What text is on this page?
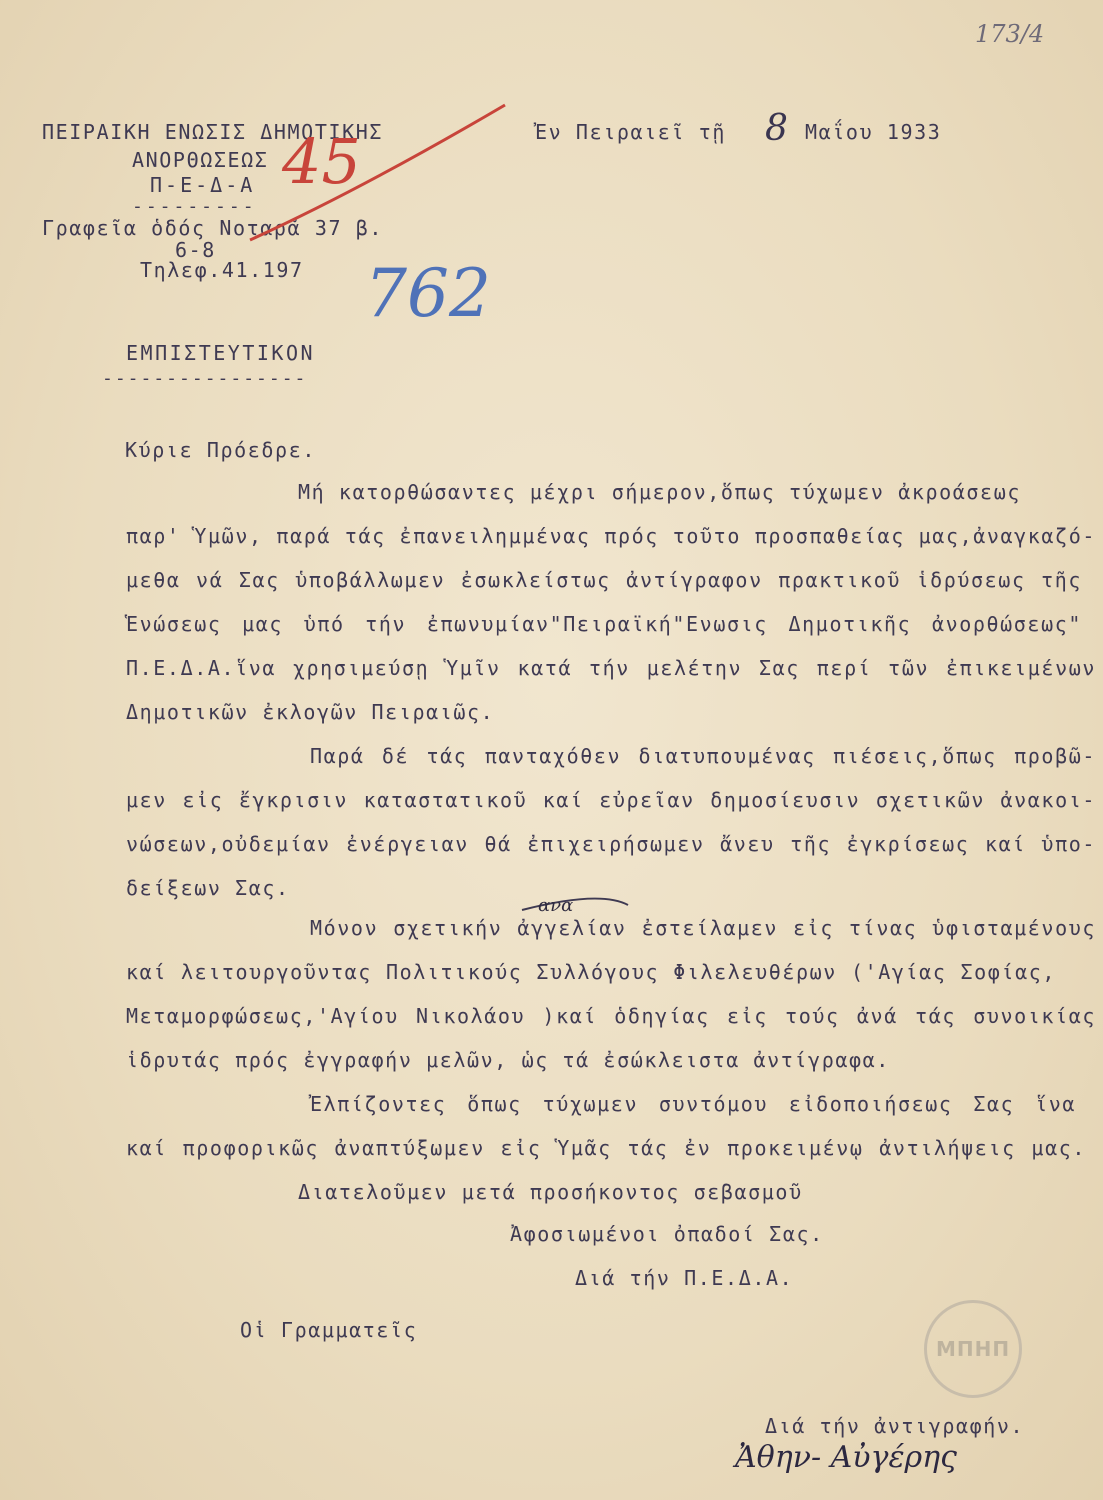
173/4
ΠΕΙΡΑΙΚΗ ΕΝΩΣΙΣ ΔΗΜΟΤΙΚΗΣ
ΑΝΟΡΘΩΣΕΩΣ
Π-Ε-Δ-Α
---------
Γραφεῖα ὁδός Νοταρᾶ 37 β.
6-8
Τηλεφ.41.197
45
762
Ἐν Πειραιεῖ τῇ 8 Μαΐου 1933
ΕΜΠΙΣΤΕΥΤΙΚΟΝ
----------------
Κύριε Πρόεδρε.
Μή κατορθώσαντες μέχρι σήμερον,ὅπως τύχωμεν ἀκροάσεως
παρ' Ὑμῶν, παρά τάς ἐπανειλημμένας πρός τοῦτο προσπαθείας μας,ἀναγκαζό-
μεθα νά Σας ὑποβάλλωμεν ἐσωκλείστως ἀντίγραφον πρακτικοῦ ἱδρύσεως τῆς
Ἑνώσεως μας ὑπό τήν ἐπωνυμίαν"Πειραϊκή"Ενωσις Δημοτικῆς ἀνορθώσεως"
Π.Ε.Δ.Α.ἵνα χρησιμεύσῃ Ὑμῖν κατά τήν μελέτην Σας περί τῶν ἐπικειμένων
Δημοτικῶν ἐκλογῶν Πειραιῶς.
Παρά δέ τάς πανταχόθεν διατυπουμένας πιέσεις,ὅπως προβῶ-
μεν εἰς ἔγκρισιν καταστατικοῦ καί εὐρεῖαν δημοσίευσιν σχετικῶν ἀνακοι-
νώσεων,οὐδεμίαν ἐνέργειαν θά ἐπιχειρήσωμεν ἄνευ τῆς ἐγκρίσεως καί ὑπο-
δείξεων Σας.
ανα
Μόνον σχετικήν ἀγγελίαν ἐστείλαμεν εἰς τίνας ὑφισταμένους
καί λειτουργοῦντας Πολιτικούς Συλλόγους Φιλελευθέρων ('Αγίας Σοφίας,
Μεταμορφώσεως,'Αγίου Νικολάου )καί ὁδηγίας εἰς τούς ἀνά τάς συνοικίας
ἱδρυτάς πρός ἐγγραφήν μελῶν, ὡς τά ἐσώκλειστα ἀντίγραφα.
Ἐλπίζοντες ὅπως τύχωμεν συντόμου εἰδοποιήσεως Σας ἵνα
καί προφορικῶς ἀναπτύξωμεν εἰς Ὑμᾶς τάς ἐν προκειμένῳ ἀντιλήψεις μας.
Διατελοῦμεν μετά προσήκοντος σεβασμοῦ
Ἀφοσιωμένοι ὀπαδοί Σας.
Διά τήν Π.Ε.Δ.Α.
Οἱ Γραμματεῖς
ΜΠΗΠ
Διά τήν ἀντιγραφήν.
Ἀθην- Αὐγέρης
